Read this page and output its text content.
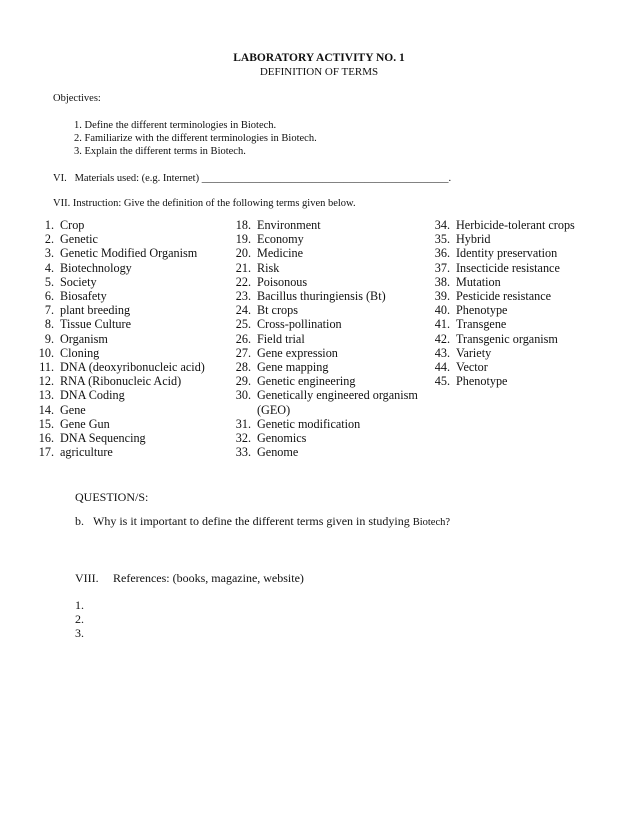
LABORATORY ACTIVITY NO. 1
DEFINITION OF TERMS
Objectives:
1. Define the different terminologies in Biotech.
2. Familiarize with the different terminologies in Biotech.
3. Explain the different terms in Biotech.
VI.   Materials used: (e.g. Internet) _______________________________________________.
VII. Instruction: Give the definition of the following terms given below.
1. Crop
2. Genetic
3. Genetic Modified Organism
4. Biotechnology
5. Society
6. Biosafety
7. plant breeding
8. Tissue Culture
9. Organism
10. Cloning
11. DNA (deoxyribonucleic acid)
12. RNA (Ribonucleic Acid)
13. DNA Coding
14. Gene
15. Gene Gun
16. DNA Sequencing
17. agriculture
18. Environment
19. Economy
20. Medicine
21. Risk
22. Poisonous
23. Bacillus thuringiensis (Bt)
24. Bt crops
25. Cross-pollination
26. Field trial
27. Gene expression
28. Gene mapping
29. Genetic engineering
30. Genetically engineered organism
(GEO)
31. Genetic modification
32. Genomics
33. Genome
34. Herbicide-tolerant crops
35. Hybrid
36. Identity preservation
37. Insecticide resistance
38. Mutation
39. Pesticide resistance
40. Phenotype
41. Transgene
42. Transgenic organism
43. Variety
44. Vector
45. Phenotype
QUESTION/S:
b. Why is it important to define the different terms given in studying Biotech?
VIII. References: (books, magazine, website)
1.
2.
3.
